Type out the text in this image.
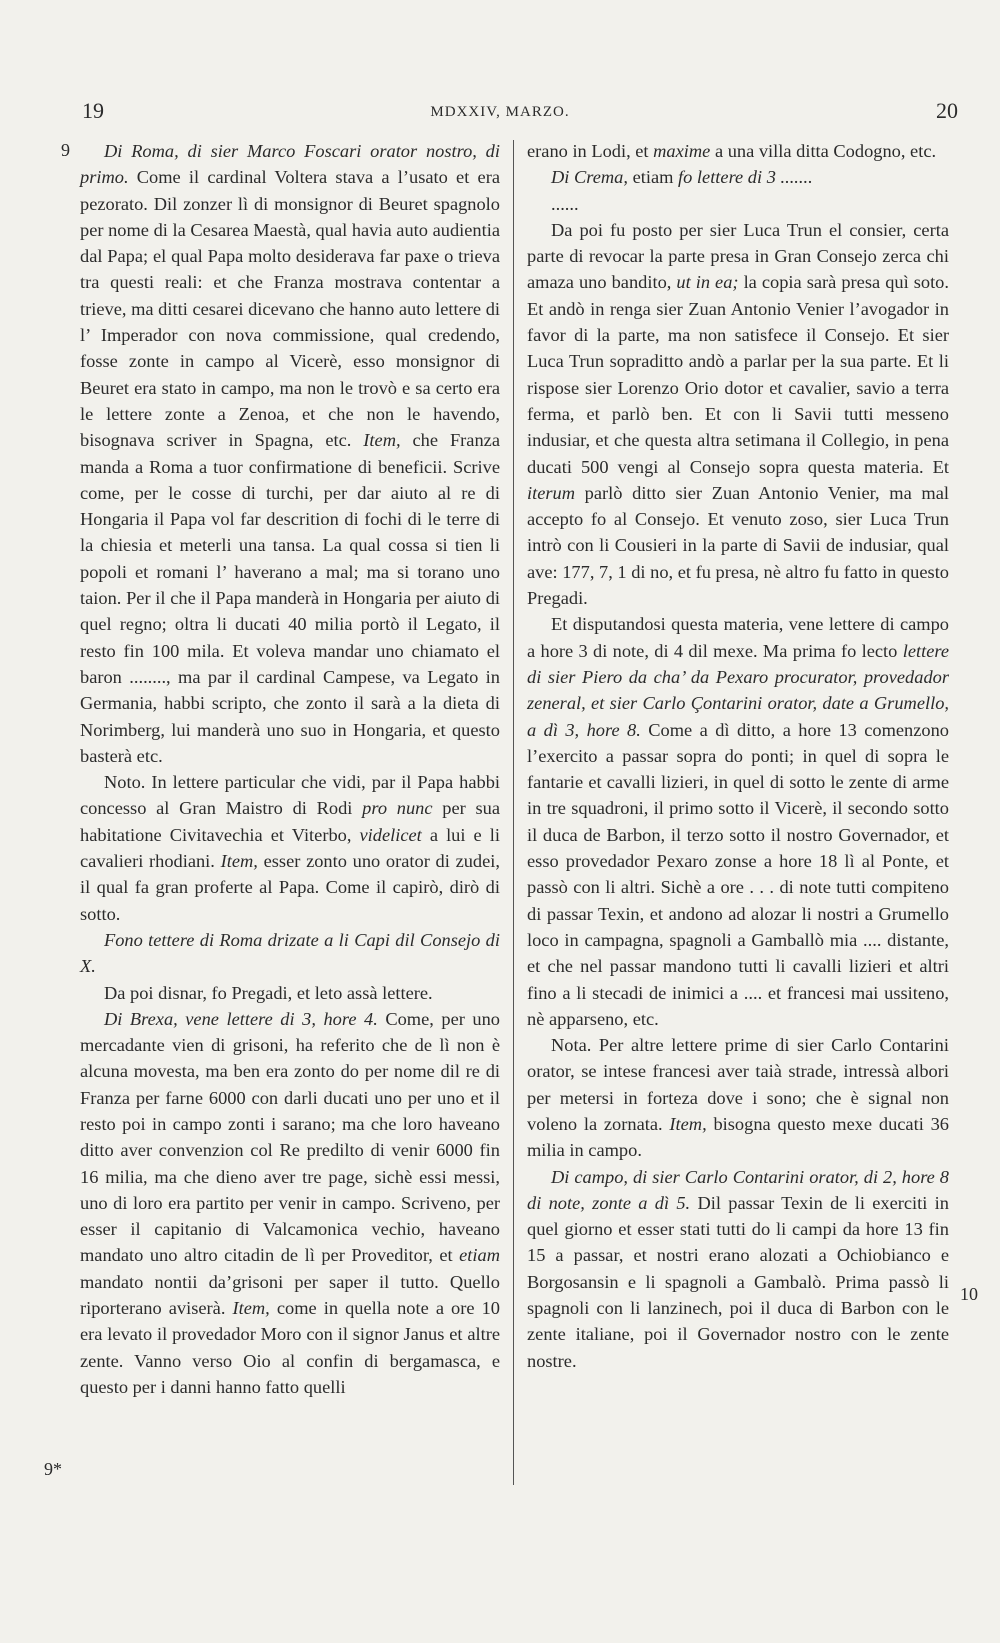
19	MDXXIV, MARZO.	20
9
9*
10

Di Roma, di sier Marco Foscari orator nostro, di primo. Come il cardinal Voltera stava a l’usato et era pezorato. Dil zonzer lì di monsignor di Beuret spagnolo per nome di la Cesarea Maestà, qual havia auto audientia dal Papa; el qual Papa molto desiderava far paxe o trieva tra questi reali: et che Franza mostrava contentar a trieve, ma ditti cesarei dicevano che hanno auto lettere di l’ Imperador con nova commissione, qual credendo, fosse zonte in campo al Vicerè, esso monsignor di Beuret era stato in campo, ma non le trovò e sa certo era le lettere zonte a Zenoa, et che non le havendo, bisognava scriver in Spagna, etc. Item, che Franza manda a Roma a tuor confirmatione di beneficii. Scrive come, per le cosse di turchi, per dar aiuto al re di Hongaria il Papa vol far descrition di fochi di le terre di la chiesia et meterli una tansa. La qual cossa si tien li popoli et romani l’ haverano a mal; ma si torano uno taion. Per il che il Papa manderà in Hongaria per aiuto di quel regno; oltra li ducati 40 milia portò il Legato, il resto fin 100 mila. Et voleva mandar uno chiamato el baron ........, ma par il cardinal Campese, va Legato in Germania, habbi scripto, che zonto il sarà a la dieta di Norimberg, lui manderà uno suo in Hongaria, et questo basterà etc.

Noto. In lettere particular che vidi, par il Papa habbi concesso al Gran Maistro di Rodi pro nunc per sua habitatione Civitavechia et Viterbo, videlicet a lui e li cavalieri rhodiani. Item, esser zonto uno orator di zudei, il qual fa gran proferte al Papa. Come il capirò, dirò di sotto.

Fono tettere di Roma drizate a li Capi dil Consejo di X.

Da poi disnar, fo Pregadi, et leto assà lettere.

Di Brexa, vene lettere di 3, hore 4. Come, per uno mercadante vien di grisoni, ha referito che de lì non è alcuna movesta, ma ben era zonto do per nome dil re di Franza per farne 6000 con darli ducati uno per uno et il resto poi in campo zonti i sarano; ma che loro haveano ditto aver convenzion col Re predilto di venir 6000 fin 16 milia, ma che dieno aver tre page, sichè essi messi, uno di loro era partito per venir in campo. Scriveno, per esser il capitanio di Valcamonica vechio, haveano mandato uno altro citadin de lì per Proveditor, et etiam mandato nontii da’grisoni per saper il tutto. Quello riporterano aviserà. Item, come in quella note a ore 10 era levato il provedador Moro con il signor Janus et altre zente. Vanno verso Oio al confin di bergamasca, e questo per i danni hanno fatto quelli

erano in Lodi, et maxime a una villa ditta Codogno, etc.

Di Crema, etiam fo lettere di 3 .......

......

Da poi fu posto per sier Luca Trun el consier, certa parte di revocar la parte presa in Gran Consejo zerca chi amaza uno bandito, ut in ea; la copia sarà presa quì soto. Et andò in renga sier Zuan Antonio Venier l’avogador in favor di la parte, ma non satisfece il Consejo. Et sier Luca Trun sopraditto andò a parlar per la sua parte. Et li rispose sier Lorenzo Orio dotor et cavalier, savio a terra ferma, et parlò ben. Et con li Savii tutti messeno indusiar, et che questa altra setimana il Collegio, in pena ducati 500 vengi al Consejo sopra questa materia. Et iterum parlò ditto sier Zuan Antonio Venier, ma mal accepto fo al Consejo. Et venuto zoso, sier Luca Trun intrò con li Cousieri in la parte di Savii de indusiar, qual ave: 177, 7, 1 di no, et fu presa, nè altro fu fatto in questo Pregadi.

Et disputandosi questa materia, vene lettere di campo a hore 3 di note, di 4 dil mexe. Ma prima fo lecto lettere di sier Piero da cha’ da Pexaro procurator, provedador zeneral, et sier Carlo Çontarini orator, date a Grumello, a dì 3, hore 8. Come a dì ditto, a hore 13 comenzono l’exercito a passar sopra do ponti; in quel di sopra le fantarie et cavalli lizieri, in quel di sotto le zente di arme in tre squadroni, il primo sotto il Vicerè, il secondo sotto il duca de Barbon, il terzo sotto il nostro Governador, et esso provedador Pexaro zonse a hore 18 lì al Ponte, et passò con li altri. Sichè a ore . . . di note tutti compiteno di passar Texin, et andono ad alozar li nostri a Grumello loco in campagna, spagnoli a Gamballò mia .... distante, et che nel passar mandono tutti li cavalli lizieri et altri fino a li stecadi de inimici a .... et francesi mai ussiteno, nè apparseno, etc.

Nota. Per altre lettere prime di sier Carlo Contarini orator, se intese francesi aver taià strade, intressà albori per metersi in forteza dove i sono; che è signal non voleno la zornata. Item, bisogna questo mexe ducati 36 milia in campo.

Di campo, di sier Carlo Contarini orator, di 2, hore 8 di note, zonte a dì 5. Dil passar Texin de li exerciti in quel giorno et esser stati tutti do li campi da hore 13 fin 15 a passar, et nostri erano alozati a Ochiobianco e Borgosansin e li spagnoli a Gambalò. Prima passò li spagnoli con li lanzinech, poi il duca di Barbon con le zente italiane, poi il Governador nostro con le zente nostre.
